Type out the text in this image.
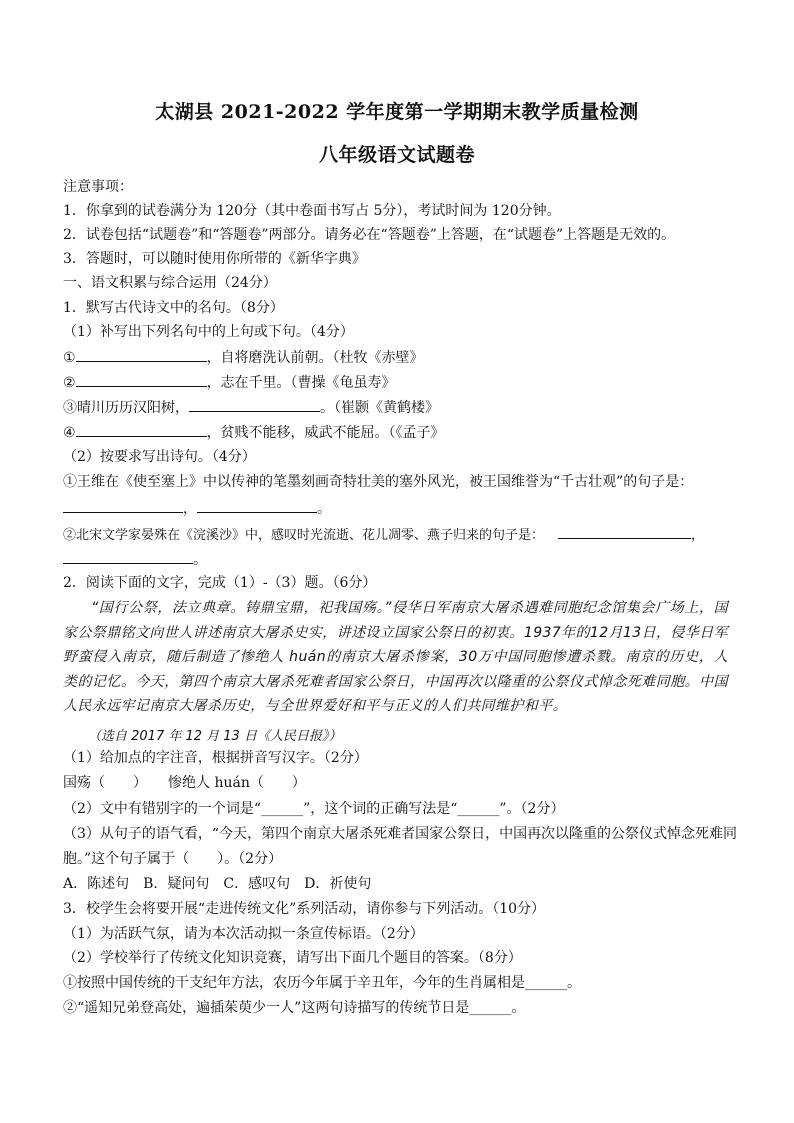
太湖县 2021-2022 学年度第一学期期末教学质量检测
八年级语文试题卷
注意事项：
1．你拿到的试卷满分为 120分（其中卷面书写占 5分），考试时间为 120分钟。
2．试卷包括“试题卷”和“答题卷”两部分。请务必在“答题卷”上答题，在“试题卷”上答题是无效的。
3．答题时，可以随时使用你所带的《新华字典》
一、语文积累与综合运用（24分）
1．默写古代诗文中的名句。（8分）
（1）补写出下列名句中的上句或下句。（4分）
①	，自将磨洗认前朝。（杜牧《赤壁》
②	，志在千里。（曹操《龟虽寿》
③晴川历历汉阳树，	。（崔颢《黄鹤楼》
④	，贫贱不能移，威武不能屈。（《孟子》
（2）按要求写出诗句。（4分）
①王维在《使至塞上》中以传神的笔墨刻画奇特壮美的塞外风光，被王国维誉为“千古壮观”的句子是：
，	。
②北宋文学家晏殊在《浣溪沙》中，感叹时光流逝、花儿凋零、燕子归来的句子是：	，
。
2．阅读下面的文字，完成（1）-（3）题。（6分）
“国行公祭，法立典章。铸鼎宝鼎，祀我国殇。”侵华日军南京大屠杀遇难同胞纪念馆集会广场上，国家公祭鼎铭文向世人讲述南京大屠杀史实，讲述设立国家公祭日的初衷。1937年的12月13日，侵华日军野蛮侵入南京，随后制造了惨绝人 huán的南京大屠杀惨案，30万中国同胞惨遭杀戮。南京的历史，人类的记忆。今天，第四个南京大屠杀死难者国家公祭日，中国再次以隆重的公祭仪式悼念死难同胞。中国人民永远牢记南京大屠杀历史，与全世界爱好和平与正义的人们共同维护和平。
（选自 2017 年 12 月 13 日《人民日报》）
（1）给加点的字注音，根据拼音写汉字。（2分）
国殇（　　）　　惨绝人 huán（　　）
（2）文中有错别字的一个词是“______”，这个词的正确写法是“______”。（2分）
（3）从句子的语气看，“今天，第四个南京大屠杀死难者国家公祭日，中国再次以隆重的公祭仪式悼念死难同
胞。”这个句子属于（　　）。（2分）
A．陈述句　B．疑问句　C．感叹句　D．祈使句
3．校学生会将要开展“走进传统文化”系列活动，请你参与下列活动。（10分）
（1）为活跃气氛，请为本次活动拟一条宣传标语。（2分）
（2）学校举行了传统文化知识竞赛，请写出下面几个题目的答案。（8分）
①按照中国传统的干支纪年方法，农历今年属于辛丑年，今年的生肖属相是______。
②“遥知兄弟登高处，遍插茱萸少一人”这两句诗描写的传统节日是______。
